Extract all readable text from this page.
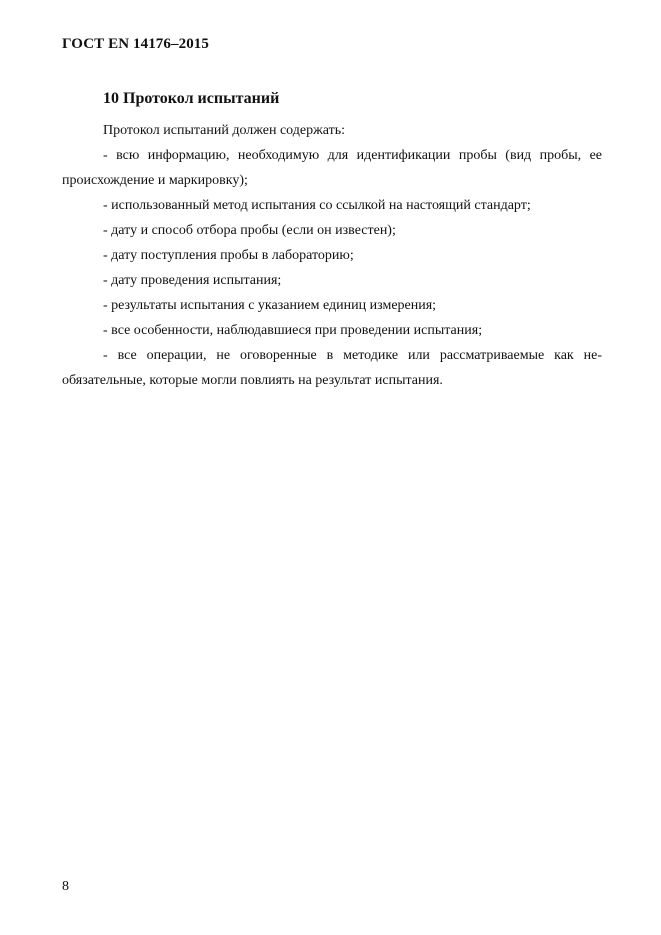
ГОСТ EN 14176–2015
10 Протокол испытаний

Протокол испытаний должен содержать:

- всю информацию, необходимую для идентификации пробы (вид пробы, ее происхождение и маркировку);

- использованный метод испытания со ссылкой на настоящий стандарт;

- дату и способ отбора пробы (если он известен);

- дату поступления пробы в лабораторию;

- дату проведения испытания;

- результаты испытания с указанием единиц измерения;

- все особенности, наблюдавшиеся при проведении испытания;

- все операции, не оговоренные в методике или рассматриваемые как необязательные, которые могли повлиять на результат испытания.

8
